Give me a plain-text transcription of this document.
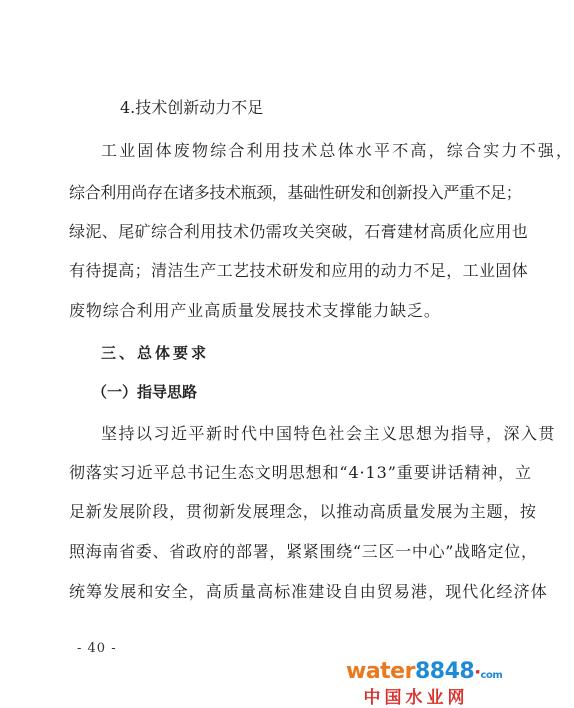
4.技术创新动力不足
工业固体废物综合利用技术总体水平不高，综合实力不强，
综合利用尚存在诸多技术瓶颈，基础性研发和创新投入严重不足；
绿泥、尾矿综合利用技术仍需攻关突破，石膏建材高质化应用也
有待提高；清洁生产工艺技术研发和应用的动力不足，工业固体
废物综合利用产业高质量发展技术支撑能力缺乏。
三、总体要求
（一）指导思路
坚持以习近平新时代中国特色社会主义思想为指导，深入贯
彻落实习近平总书记生态文明思想和“4·13”重要讲话精神，立
足新发展阶段，贯彻新发展理念，以推动高质量发展为主题，按
照海南省委、省政府的部署，紧紧围绕“三区一中心”战略定位，
统筹发展和安全，高质量高标准建设自由贸易港，现代化经济体
- 40 -
water8848·com
中国水业网
